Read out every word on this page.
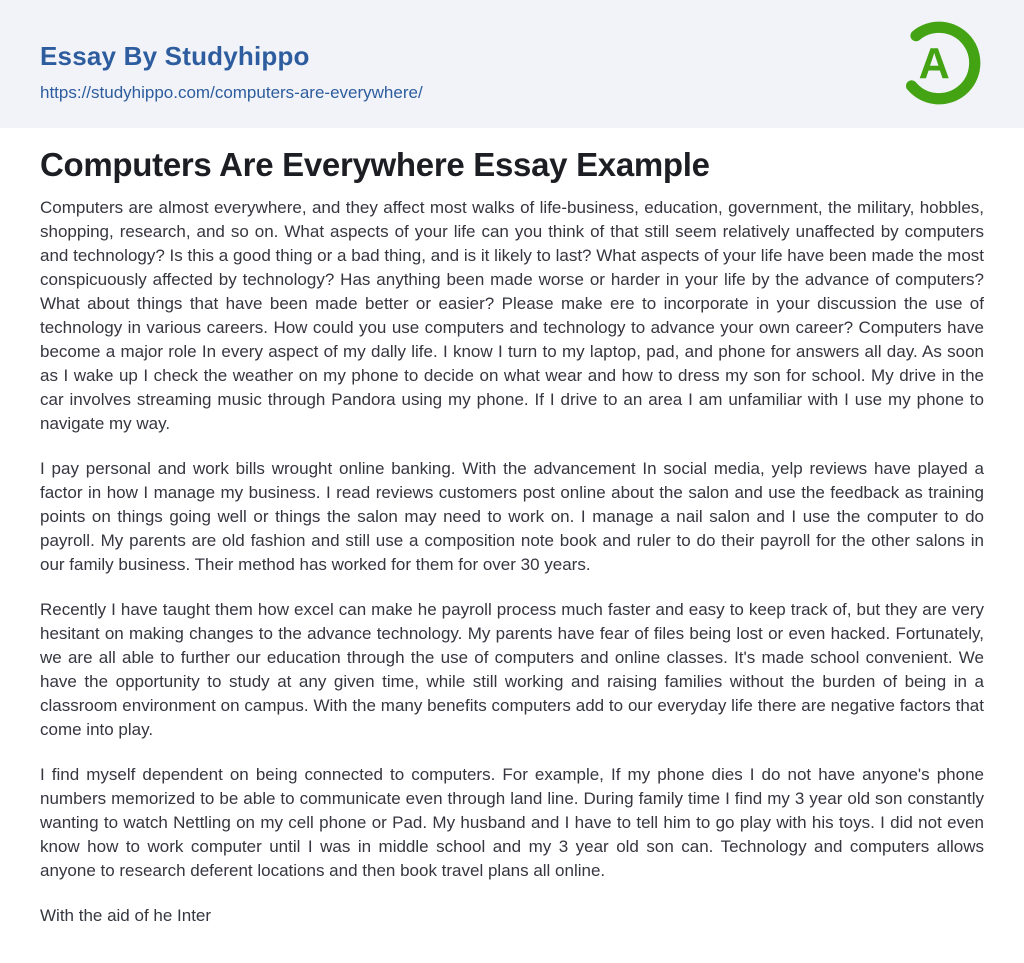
Essay By Studyhippo
https://studyhippo.com/computers-are-everywhere/
A
Computers Are Everywhere Essay Example

Computers are almost everywhere, and they affect most walks of life-business, education, government, the military, hobbles, shopping, research, and so on. What aspects of your life can you think of that still seem relatively unaffected by computers and technology? Is this a good thing or a bad thing, and is it likely to last? What aspects of your life have been made the most conspicuously affected by technology? Has anything been made worse or harder in your life by the advance of computers? What about things that have been made better or easier? Please make ere to incorporate in your discussion the use of technology in various careers. How could you use computers and technology to advance your own career? Computers have become a major role In every aspect of my dally life. I know I turn to my laptop, pad, and phone for answers all day. As soon as I wake up I check the weather on my phone to decide on what wear and how to dress my son for school. My drive in the car involves streaming music through Pandora using my phone. If I drive to an area I am unfamiliar with I use my phone to navigate my way.

I pay personal and work bills wrought online banking. With the advancement In social media, yelp reviews have played a factor in how I manage my business. I read reviews customers post online about the salon and use the feedback as training points on things going well or things the salon may need to work on. I manage a nail salon and I use the computer to do payroll. My parents are old fashion and still use a composition note book and ruler to do their payroll for the other salons in our family business. Their method has worked for them for over 30 years.

Recently I have taught them how excel can make he payroll process much faster and easy to keep track of, but they are very hesitant on making changes to the advance technology. My parents have fear of files being lost or even hacked. Fortunately, we are all able to further our education through the use of computers and online classes. It's made school convenient. We have the opportunity to study at any given time, while still working and raising families without the burden of being in a classroom environment on campus. With the many benefits computers add to our everyday life there are negative factors that come into play.

I find myself dependent on being connected to computers. For example, If my phone dies I do not have anyone's phone numbers memorized to be able to communicate even through land line. During family time I find my 3 year old son constantly wanting to watch Nettling on my cell phone or Pad. My husband and I have to tell him to go play with his toys. I did not even know how to work computer until I was in middle school and my 3 year old son can. Technology and computers allows anyone to research deferent locations and then book travel plans all online.

With the aid of he Inter
